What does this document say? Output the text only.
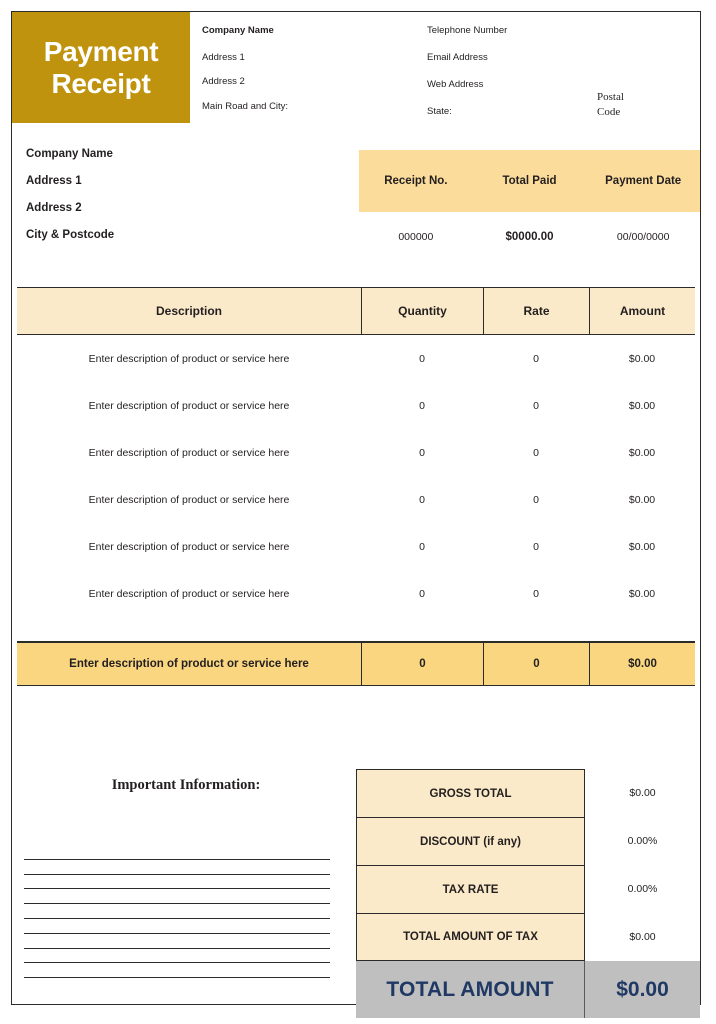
Payment
Receipt
Company Name
Address 1
Address 2
Main Road and City:
Telephone Number
Email Address
Web Address
State:
Postal
Code
Company Name
Address 1
Address 2
City & Postcode
Receipt No.	Total Paid	Payment Date
000000	$0000.00	00/00/0000
Description	Quantity	Rate	Amount
Enter description of product or service here	0	0	$0.00
Enter description of product or service here	0	0	$0.00
Enter description of product or service here	0	0	$0.00
Enter description of product or service here	0	0	$0.00
Enter description of product or service here	0	0	$0.00
Enter description of product or service here	0	0	$0.00
Enter description of product or service here	0	0	$0.00
Important Information:
GROSS TOTAL	$0.00
DISCOUNT (if any)	0.00%
TAX RATE	0.00%
TOTAL AMOUNT OF TAX	$0.00
TOTAL AMOUNT	$0.00
